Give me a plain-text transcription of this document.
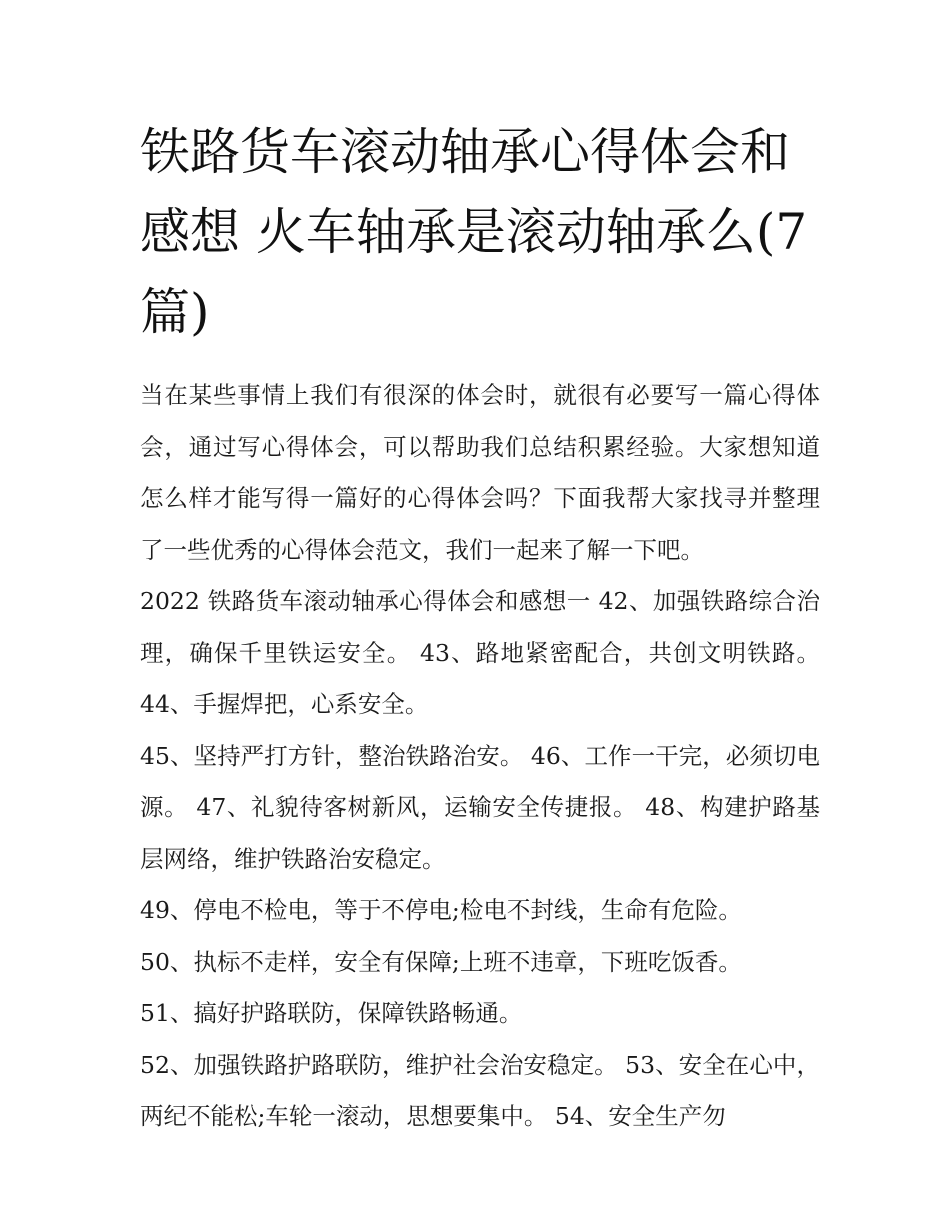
铁路货车滚动轴承心得体会和感想 火车轴承是滚动轴承么(7篇)

当在某些事情上我们有很深的体会时，就很有必要写一篇心得体会，通过写心得体会，可以帮助我们总结积累经验。大家想知道怎么样才能写得一篇好的心得体会吗？下面我帮大家找寻并整理了一些优秀的心得体会范文，我们一起来了解一下吧。

2022 铁路货车滚动轴承心得体会和感想一 42、加强铁路综合治理，确保千里铁运安全。 43、路地紧密配合，共创文明铁路。 44、手握焊把，心系安全。

45、坚持严打方针，整治铁路治安。 46、工作一干完，必须切电源。 47、礼貌待客树新风，运输安全传捷报。 48、构建护路基层网络，维护铁路治安稳定。

49、停电不检电，等于不停电;检电不封线，生命有危险。

50、执标不走样，安全有保障;上班不违章，下班吃饭香。

51、搞好护路联防，保障铁路畅通。

52、加强铁路护路联防，维护社会治安稳定。 53、安全在心中，两纪不能松;车轮一滚动，思想要集中。 54、安全生产勿
